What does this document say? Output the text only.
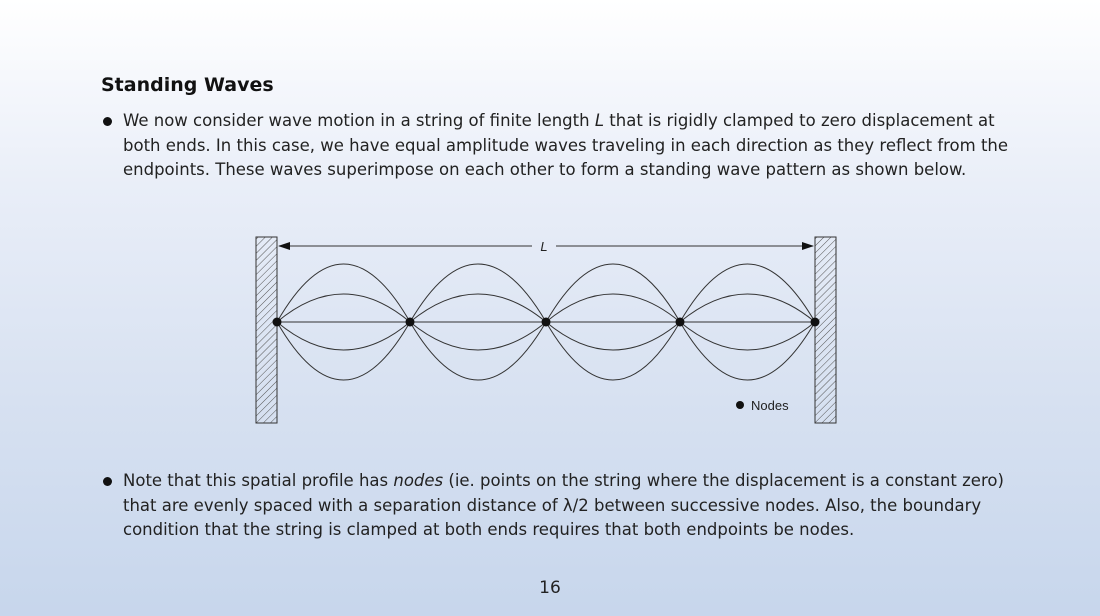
Standing Waves

We now consider wave motion in a string of finite length L that is rigidly clamped to zero displacement at both ends. In this case, we have equal amplitude waves traveling in each direction as they reflect from the endpoints. These waves superimpose on each other to form a standing wave pattern as shown below.

L
Nodes

Note that this spatial profile has nodes (ie. points on the string where the displacement is a constant zero) that are evenly spaced with a separation distance of λ/2 between successive nodes. Also, the boundary condition that the string is clamped at both ends requires that both endpoints be nodes.

16
